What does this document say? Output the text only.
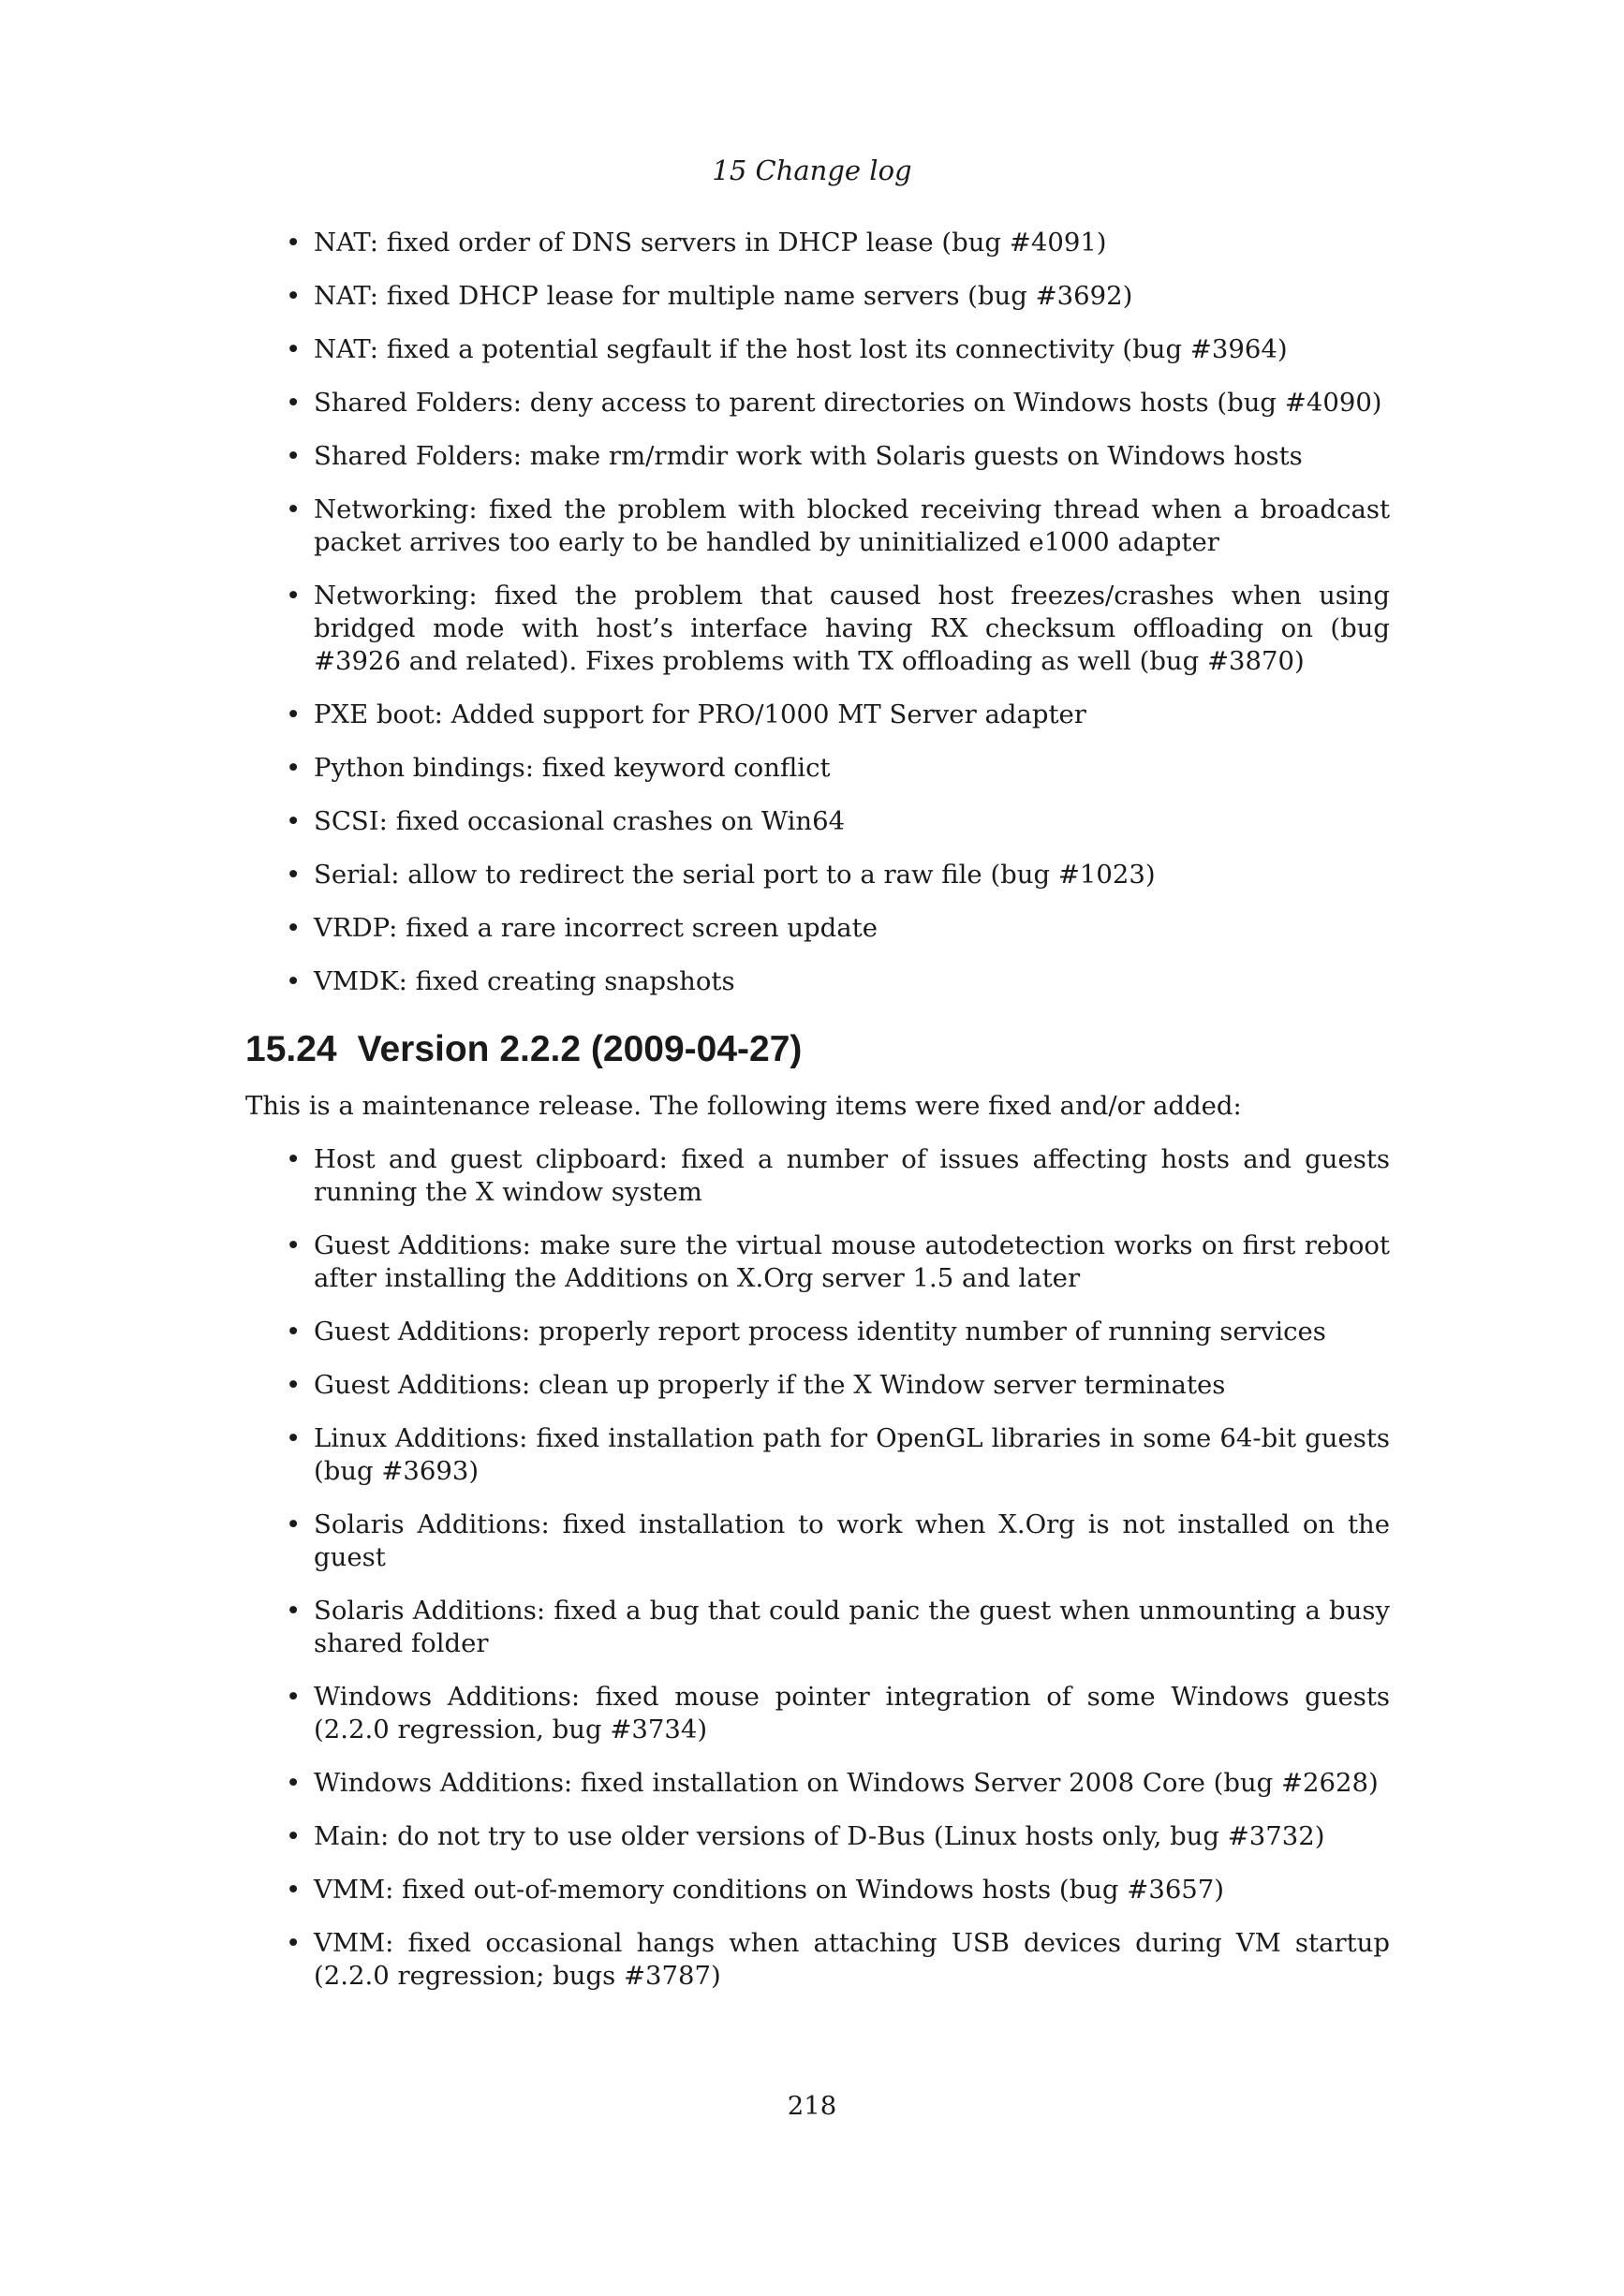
15 Change log
• NAT: fixed order of DNS servers in DHCP lease (bug #4091)
• NAT: fixed DHCP lease for multiple name servers (bug #3692)
• NAT: fixed a potential segfault if the host lost its connectivity (bug #3964)
• Shared Folders: deny access to parent directories on Windows hosts (bug #4090)
• Shared Folders: make rm/rmdir work with Solaris guests on Windows hosts
• Networking: fixed the problem with blocked receiving thread when a broadcast packet arrives too early to be handled by uninitialized e1000 adapter
• Networking: fixed the problem that caused host freezes/crashes when using bridged mode with host’s interface having RX checksum offloading on (bug #3926 and related). Fixes problems with TX offloading as well (bug #3870)
• PXE boot: Added support for PRO/1000 MT Server adapter
• Python bindings: fixed keyword conflict
• SCSI: fixed occasional crashes on Win64
• Serial: allow to redirect the serial port to a raw file (bug #1023)
• VRDP: fixed a rare incorrect screen update
• VMDK: fixed creating snapshots
15.24 Version 2.2.2 (2009-04-27)

This is a maintenance release. The following items were fixed and/or added:

• Host and guest clipboard: fixed a number of issues affecting hosts and guests running the X window system
• Guest Additions: make sure the virtual mouse autodetection works on first reboot after installing the Additions on X.Org server 1.5 and later
• Guest Additions: properly report process identity number of running services
• Guest Additions: clean up properly if the X Window server terminates
• Linux Additions: fixed installation path for OpenGL libraries in some 64-bit guests (bug #3693)
• Solaris Additions: fixed installation to work when X.Org is not installed on the guest
• Solaris Additions: fixed a bug that could panic the guest when unmounting a busy shared folder
• Windows Additions: fixed mouse pointer integration of some Windows guests (2.2.0 regression, bug #3734)
• Windows Additions: fixed installation on Windows Server 2008 Core (bug #2628)
• Main: do not try to use older versions of D-Bus (Linux hosts only, bug #3732)
• VMM: fixed out-of-memory conditions on Windows hosts (bug #3657)
• VMM: fixed occasional hangs when attaching USB devices during VM startup (2.2.0 regression; bugs #3787)
218
